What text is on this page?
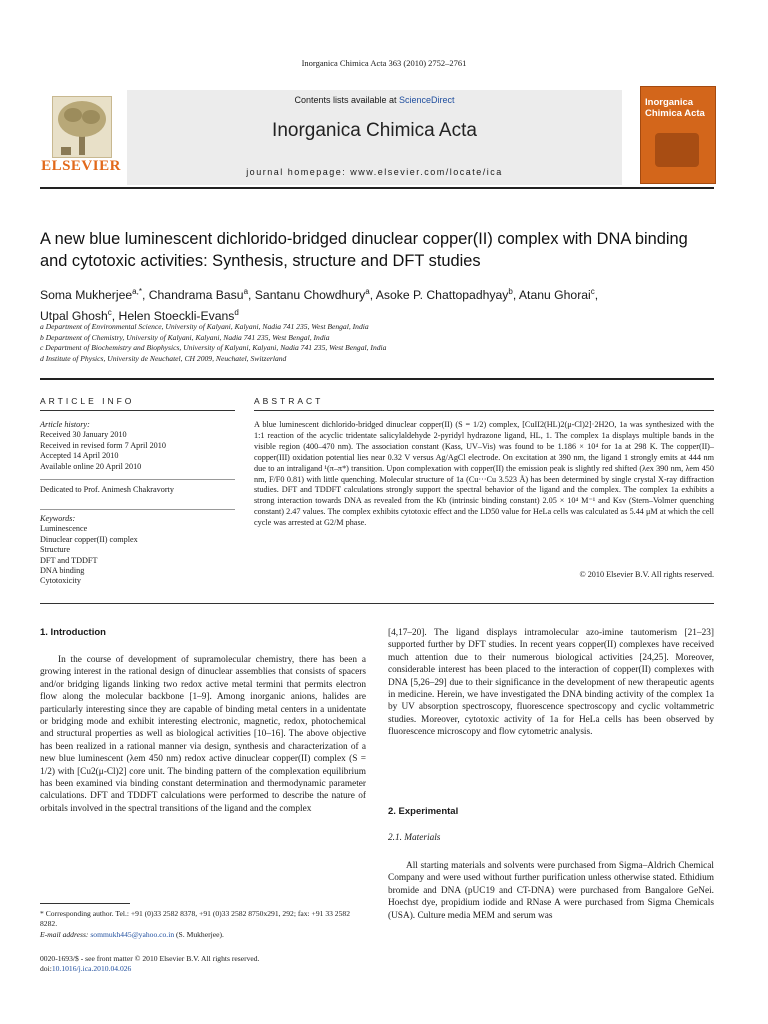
Inorganica Chimica Acta 363 (2010) 2752–2761
ELSEVIER
Contents lists available at ScienceDirect
Inorganica Chimica Acta
journal homepage: www.elsevier.com/locate/ica
Inorganica Chimica Acta
A new blue luminescent dichlorido-bridged dinuclear copper(II) complex with DNA binding and cytotoxic activities: Synthesis, structure and DFT studies
Soma Mukherjee$^{a,*}$, Chandrama Basu$^a$, Santanu Chowdhury$^a$, Asoke P. Chattopadhyay$^b$, Atanu Ghorai$^c$,
Utpal Ghosh$^c$, Helen Stoeckli-Evans$^d$
a Department of Environmental Science, University of Kalyani, Kalyani, Nadia 741 235, West Bengal, India
b Department of Chemistry, University of Kalyani, Kalyani, Nadia 741 235, West Bengal, India
c Department of Biochemistry and Biophysics, University of Kalyani, Kalyani, Nadia 741 235, West Bengal, India
d Institute of Physics, University de Neuchatel, CH 2009, Neuchatel, Switzerland
ARTICLE INFO
Article history:
Received 30 January 2010
Received in revised form 7 April 2010
Accepted 14 April 2010
Available online 20 April 2010
Dedicated to Prof. Animesh Chakravorty
Keywords:
Luminescence
Dinuclear copper(II) complex
Structure
DFT and TDDFT
DNA binding
Cytotoxicity
ABSTRACT
A blue luminescent dichlorido-bridged dinuclear copper(II) (S = 1/2) complex, [CuII2(HL)2(μ-Cl)2]·2H2O, 1a was synthesized with the 1:1 reaction of the acyclic tridentate salicylaldehyde 2-pyridyl hydrazone ligand, HL, 1. The complex 1a displays multiple bands in the visible region (400–470 nm). The association constant (Kass, UV–Vis) was found to be 1.186 × 10⁴ for 1a at 298 K. The copper(II)–copper(III) oxidation potential lies near 0.32 V versus Ag/AgCl electrode. On excitation at 390 nm, the ligand 1 strongly emits at 444 nm due to an intraligand ¹(π–π*) transition. Upon complexation with copper(II) the emission peak is slightly red shifted (λex 390 nm, λem 450 nm, F/F0 0.81) with little quenching. Molecular structure of 1a (Cu···Cu 3.523 Å) has been determined by single crystal X-ray diffraction studies. DFT and TDDFT calculations strongly support the spectral behavior of the ligand and the complex. The complex 1a exhibits a strong interaction towards DNA as revealed from the Kb (intrinsic binding constant) 2.05 × 10⁴ M⁻¹ and Ksv (Stern–Volmer quenching constant) 2.47 values. The complex exhibits cytotoxic effect and the LD50 value for HeLa cells was calculated as 5.44 μM at which the cell cycle was arrested at G2/M phase.
© 2010 Elsevier B.V. All rights reserved.
1. Introduction

In the course of development of supramolecular chemistry, there has been a growing interest in the rational design of dinuclear assemblies that consists of spacers and/or bridging ligands linking two redox active metal termini that permits electron flow along the molecular backbone [1–9]. Among inorganic anions, halides are particularly interesting since they are capable of binding metal centers in a unidentate or bridging mode and exhibit interesting electronic, magnetic, redox, photochemical and structural properties as well as biological activities [10–16]. The above objective has been realized in a rational manner via design, synthesis and characterization of a new blue luminescent (λem 450 nm) redox active dinuclear copper(II) complex (S = 1/2) with [Cu2(μ-Cl)2] core unit. The binding pattern of the complexation equilibrium has been examined via binding constant determination and thermodynamic parameter calculations. DFT and TDDFT calculations were performed to describe the nature of orbitals involved in the spectral transitions of the ligand and the complex

* Corresponding author. Tel.: +91 (0)33 2582 8378, +91 (0)33 2582 8750x291, 292; fax: +91 33 2582 8282.
E-mail address: sommukh445@yahoo.co.in (S. Mukherjee).
0020-1693/$ - see front matter © 2010 Elsevier B.V. All rights reserved.
doi:10.1016/j.ica.2010.04.026

[4,17–20]. The ligand displays intramolecular azo-imine tautomerism [21–23] supported further by DFT studies. In recent years copper(II) complexes have received much attention due to their numerous biological activities [24,25]. Moreover, considerable interest has been placed to the interaction of copper(II) complexes with DNA [5,26–29] due to their significance in the development of new therapeutic agents in medicine. Herein, we have investigated the DNA binding activity of the complex 1a by UV absorption spectroscopy, fluorescence spectroscopy and cyclic voltammetric studies. Moreover, cytotoxic activity of 1a for HeLa cells has been observed by fluorescence microscopy and flow cytometric analysis.

2. Experimental
2.1. Materials

All starting materials and solvents were purchased from Sigma–Aldrich Chemical Company and were used without further purification unless otherwise stated. Ethidium bromide and DNA (pUC19 and CT-DNA) were purchased from Bangalore GeNei. Hoechst dye, propidium iodide and RNase A were purchased from Sigma Chemicals (USA). Culture media MEM and serum was
